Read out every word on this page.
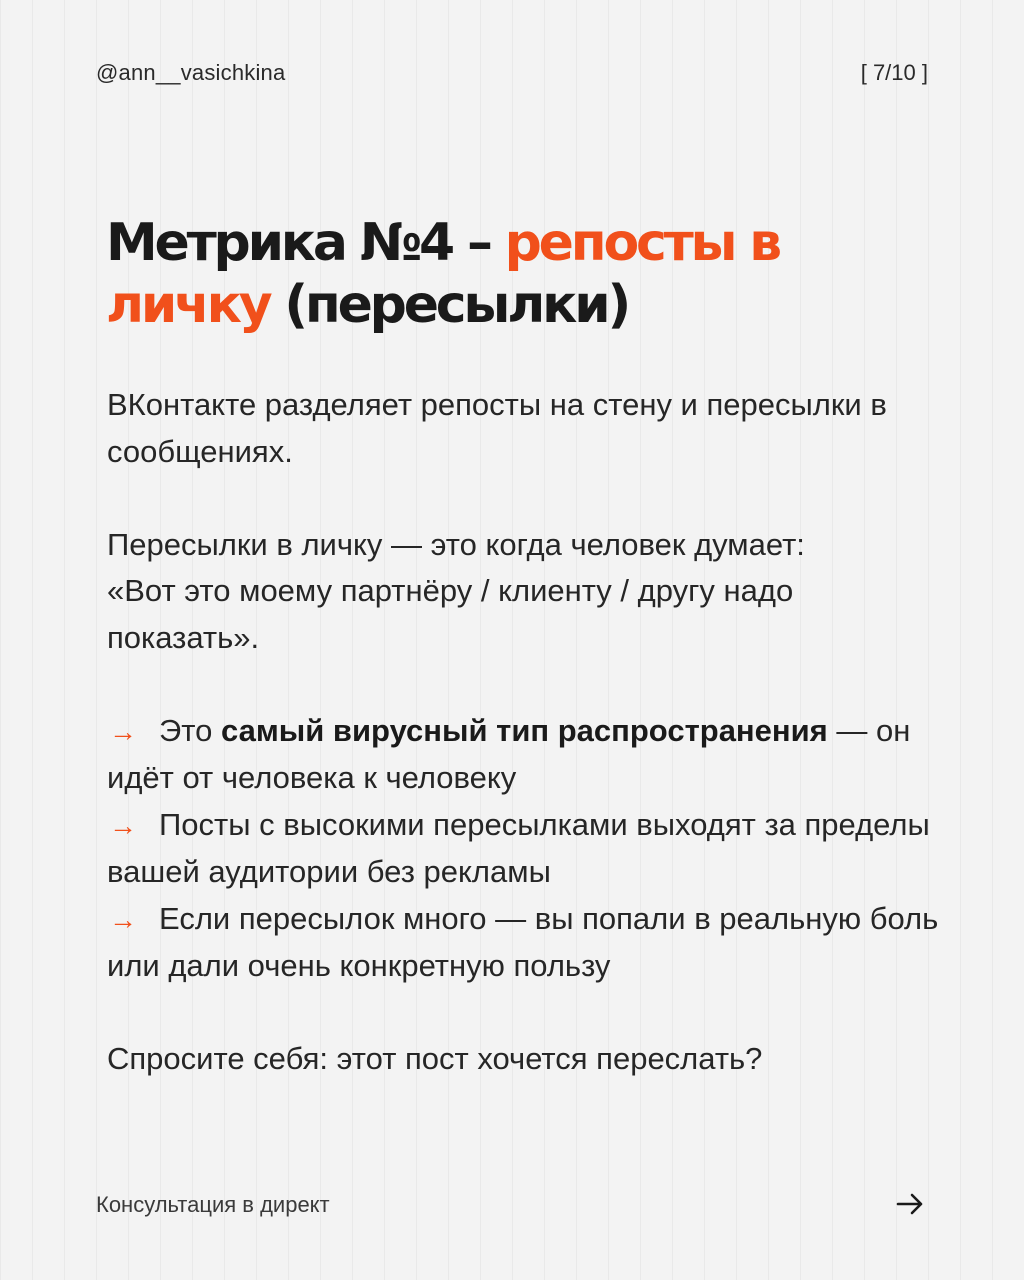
@ann__vasichkina	[ 7/10 ]
Метрика №4 – репосты в личку (пересылки)

ВКонтакте разделяет репосты на стену и пересылки в сообщениях.

Пересылки в личку — это когда человек думает:
«Вот это моему партнёру / клиенту / другу надо показать».

→ Это самый вирусный тип распространения — он идёт от человека к человеку

→ Посты с высокими пересылками выходят за пределы вашей аудитории без рекламы

→ Если пересылок много — вы попали в реальную боль или дали очень конкретную пользу

Спросите себя: этот пост хочется переслать?

Консультация в директ
